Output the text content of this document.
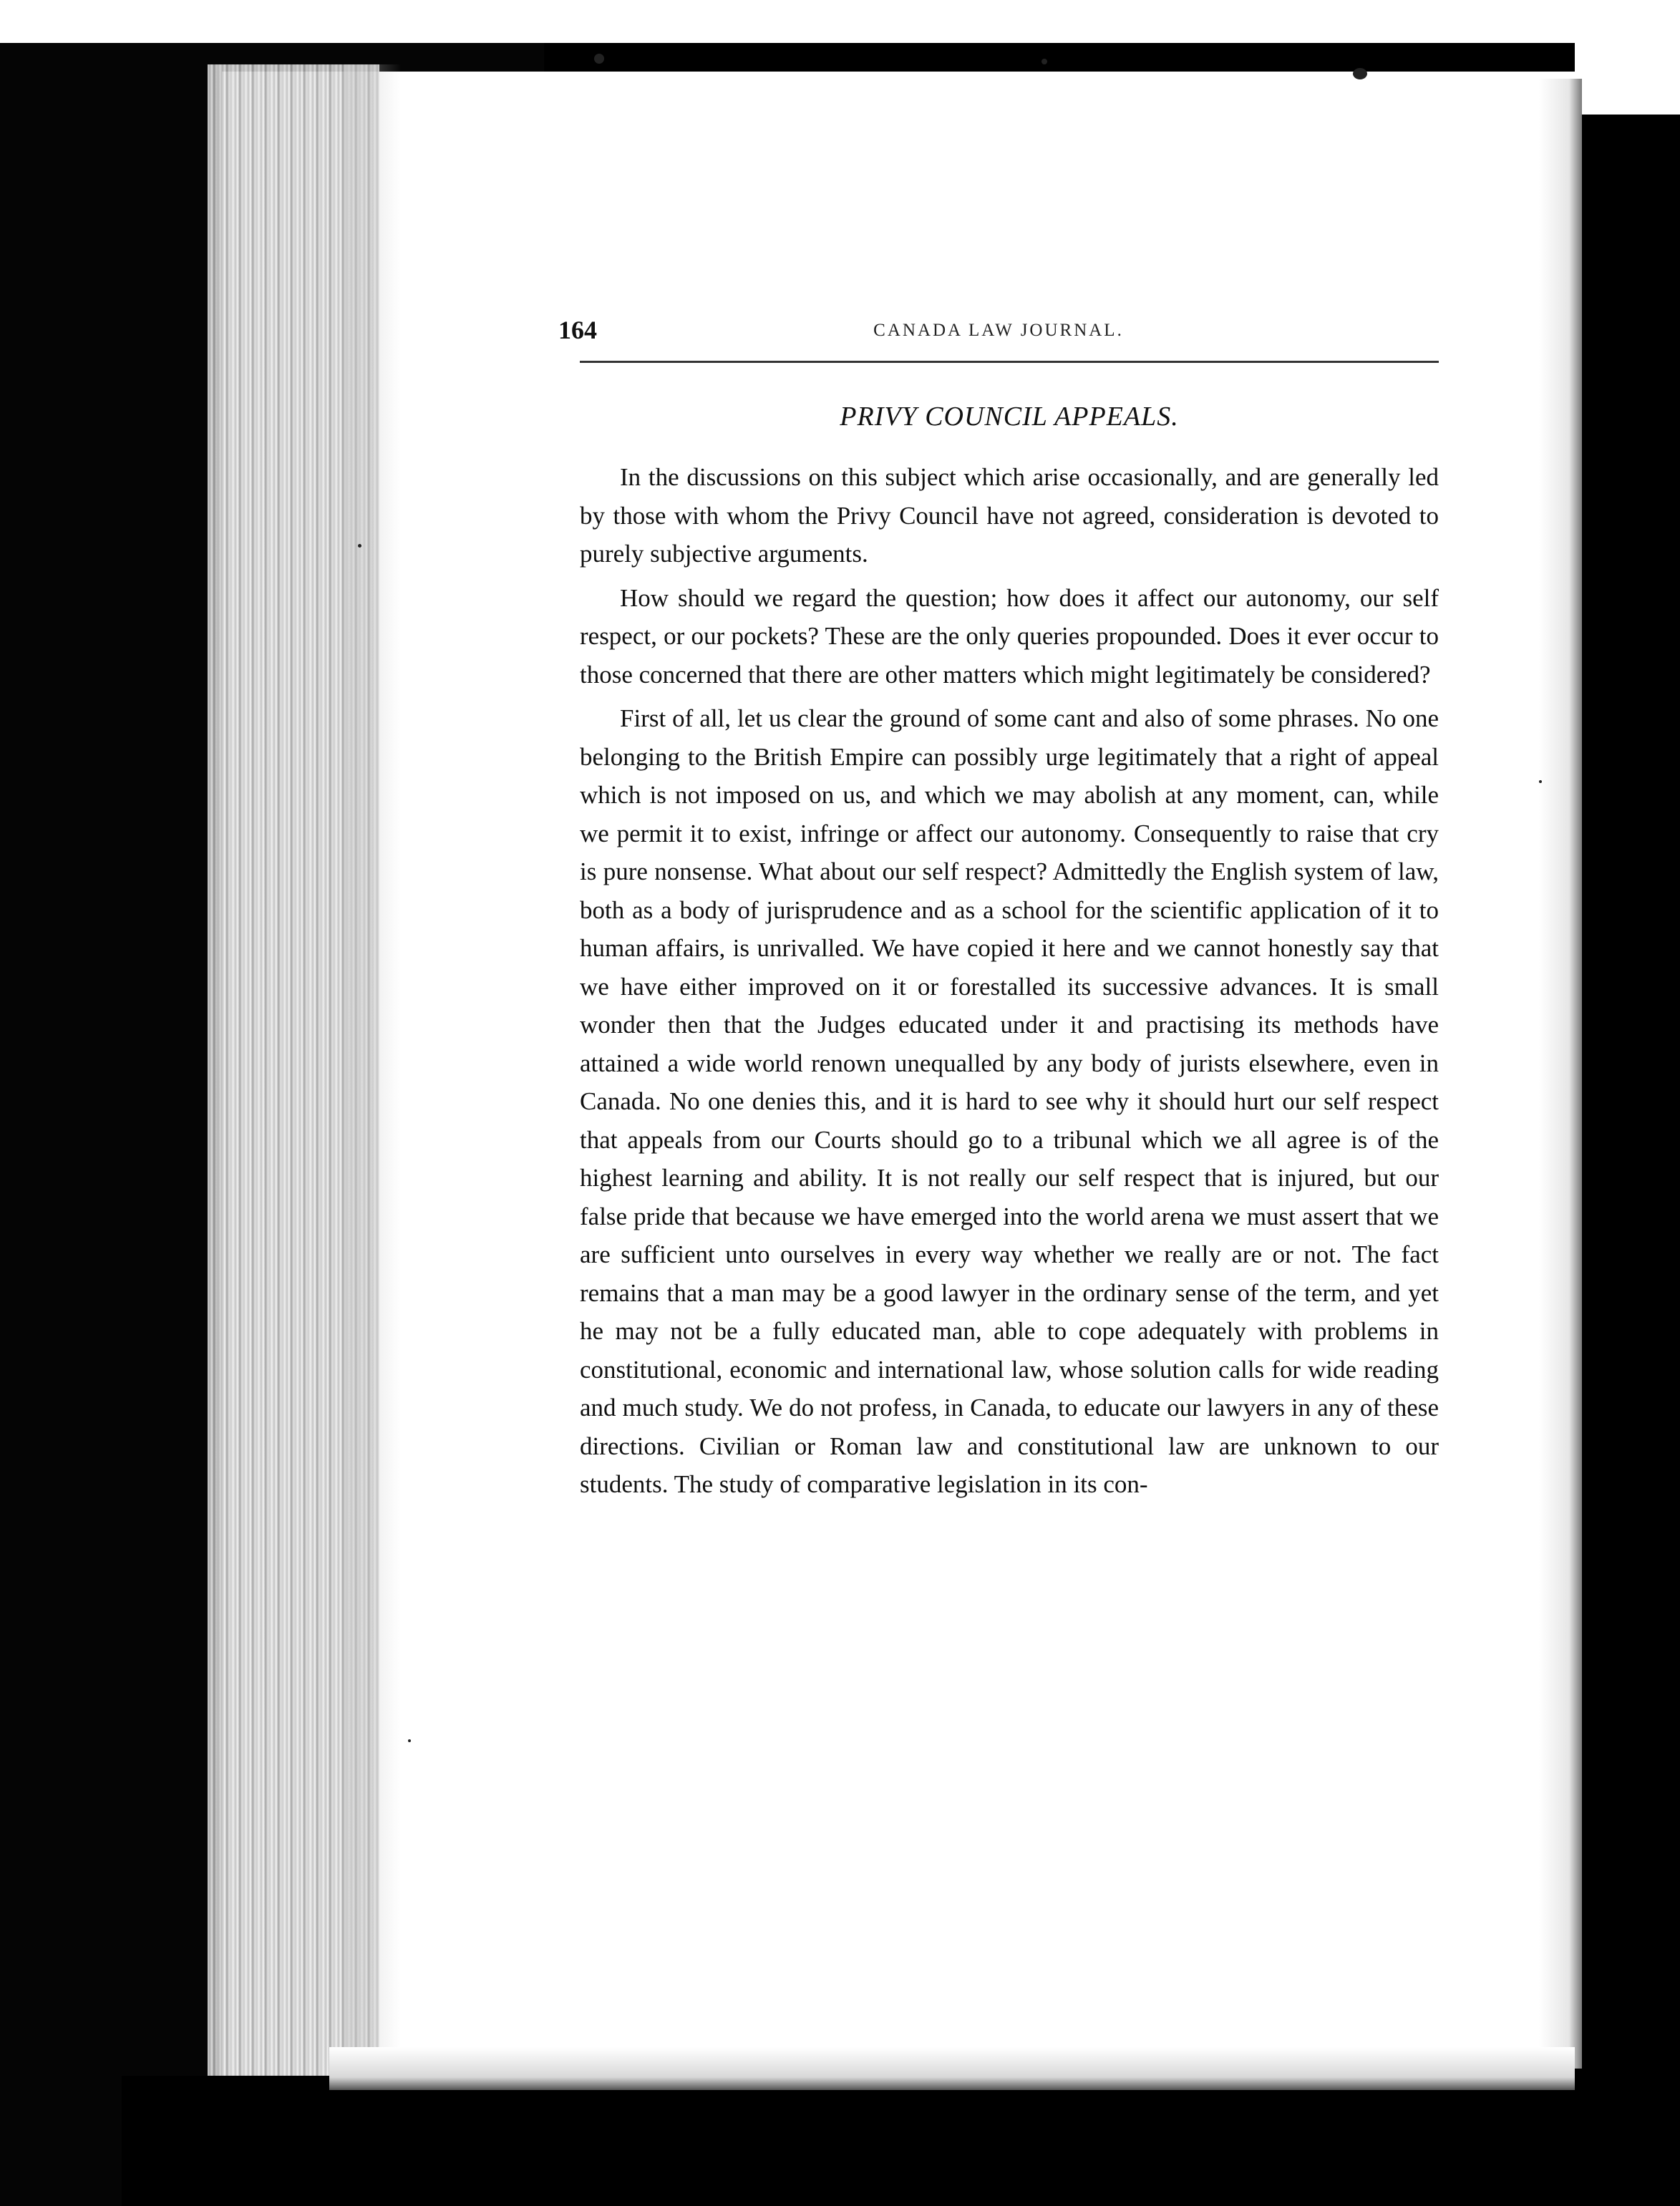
164	CANADA LAW JOURNAL.
PRIVY COUNCIL APPEALS.

In the discussions on this subject which arise occasionally, and are generally led by those with whom the Privy Council have not agreed, consideration is devoted to purely subjective arguments.

How should we regard the question; how does it affect our autonomy, our self respect, or our pockets? These are the only queries propounded. Does it ever occur to those concerned that there are other matters which might legitimately be considered?

First of all, let us clear the ground of some cant and also of some phrases. No one belonging to the British Empire can possibly urge legitimately that a right of appeal which is not imposed on us, and which we may abolish at any moment, can, while we permit it to exist, infringe or affect our autonomy. Consequently to raise that cry is pure nonsense. What about our self respect? Admittedly the English system of law, both as a body of jurisprudence and as a school for the scientific application of it to human affairs, is unrivalled. We have copied it here and we cannot honestly say that we have either improved on it or forestalled its successive advances. It is small wonder then that the Judges educated under it and practising its methods have attained a wide world renown unequalled by any body of jurists elsewhere, even in Canada. No one denies this, and it is hard to see why it should hurt our self respect that appeals from our Courts should go to a tribunal which we all agree is of the highest learning and ability. It is not really our self respect that is injured, but our false pride that because we have emerged into the world arena we must assert that we are sufficient unto ourselves in every way whether we really are or not. The fact remains that a man may be a good lawyer in the ordinary sense of the term, and yet he may not be a fully educated man, able to cope adequately with problems in constitutional, economic and international law, whose solution calls for wide reading and much study. We do not profess, in Canada, to educate our lawyers in any of these directions. Civilian or Roman law and constitutional law are unknown to our students. The study of comparative legislation in its con-
